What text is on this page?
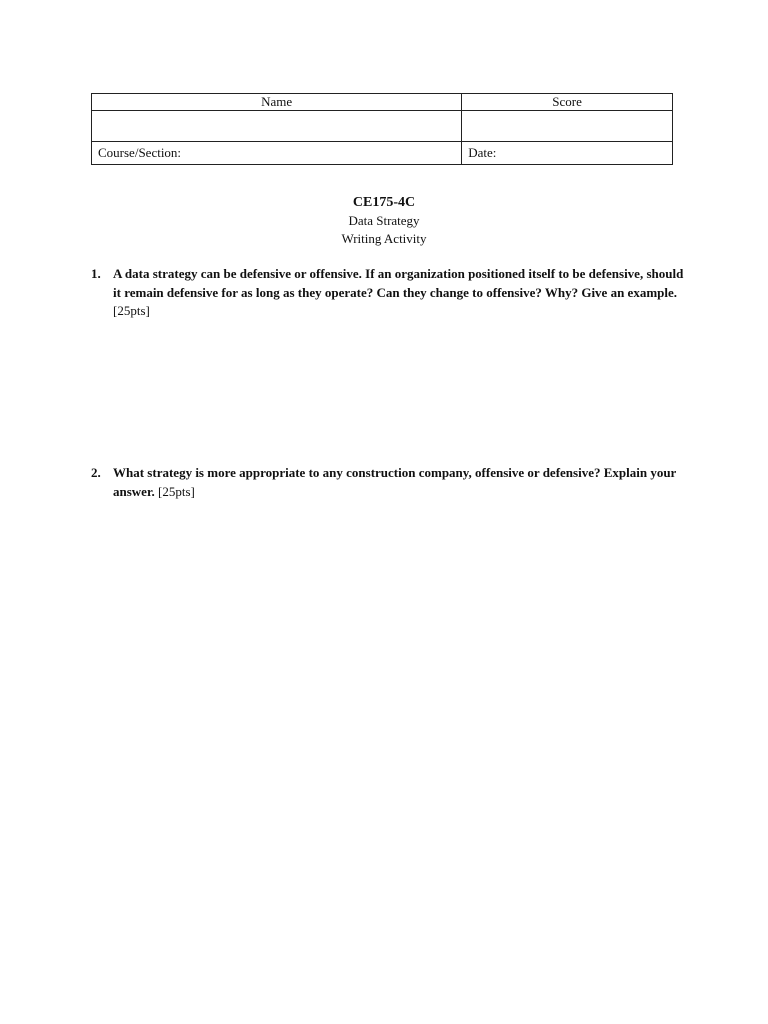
Name	Score

Course/Section:	Date:
CE175-4C
Data Strategy
Writing Activity
1. A data strategy can be defensive or offensive. If an organization positioned itself to be defensive, should it remain defensive for as long as they operate? Can they change to offensive? Why? Give an example. [25pts]
2. What strategy is more appropriate to any construction company, offensive or defensive? Explain your answer. [25pts]
